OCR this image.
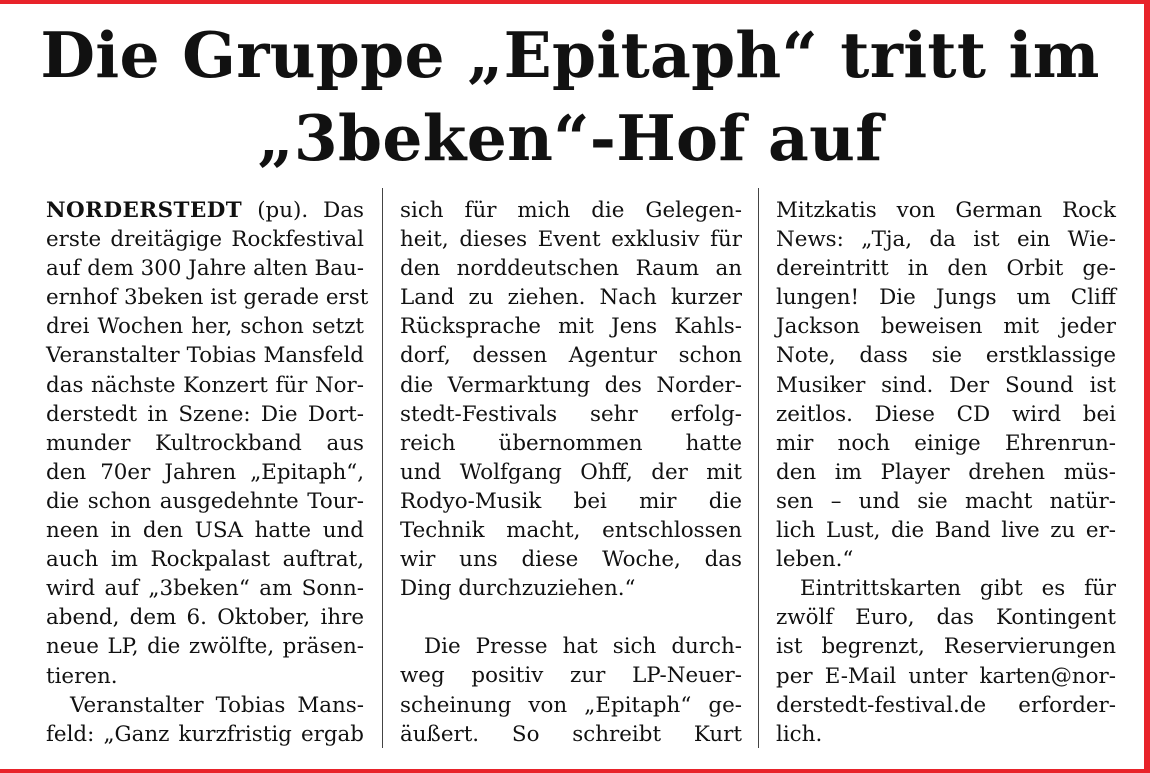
Die Gruppe „Epitaph“ tritt im
„3beken“-Hof auf
NORDERSTEDT (pu). Das
erste dreitägige Rockfestival
auf dem 300 Jahre alten Bau-
ernhof 3beken ist gerade erst
drei Wochen her, schon setzt
Veranstalter Tobias Mansfeld
das nächste Konzert für Nor-
derstedt in Szene: Die Dort-
munder Kultrockband aus
den 70er Jahren „Epitaph“,
die schon ausgedehnte Tour-
neen in den USA hatte und
auch im Rockpalast auftrat,
wird auf „3beken“ am Sonn-
abend, dem 6. Oktober, ihre
neue LP, die zwölfte, präsen-
tieren.
Veranstalter Tobias Mans-
feld: „Ganz kurzfristig ergab
sich für mich die Gelegen-
heit, dieses Event exklusiv für
den norddeutschen Raum an
Land zu ziehen. Nach kurzer
Rücksprache mit Jens Kahls-
dorf, dessen Agentur schon
die Vermarktung des Norder-
stedt-Festivals sehr erfolg-
reich übernommen hatte
und Wolfgang Ohff, der mit
Rodyo-Musik bei mir die
Technik macht, entschlossen
wir uns diese Woche, das
Ding durchzuziehen.“
Die Presse hat sich durch-
weg positiv zur LP-Neuer-
scheinung von „Epitaph“ ge-
äußert. So schreibt Kurt
Mitzkatis von German Rock
News: „Tja, da ist ein Wie-
dereintritt in den Orbit ge-
lungen! Die Jungs um Cliff
Jackson beweisen mit jeder
Note, dass sie erstklassige
Musiker sind. Der Sound ist
zeitlos. Diese CD wird bei
mir noch einige Ehrenrun-
den im Player drehen müs-
sen – und sie macht natür-
lich Lust, die Band live zu er-
leben.“
Eintrittskarten gibt es für
zwölf Euro, das Kontingent
ist begrenzt, Reservierungen
per E-Mail unter karten@nor-
derstedt-festival.de erforder-
lich.
